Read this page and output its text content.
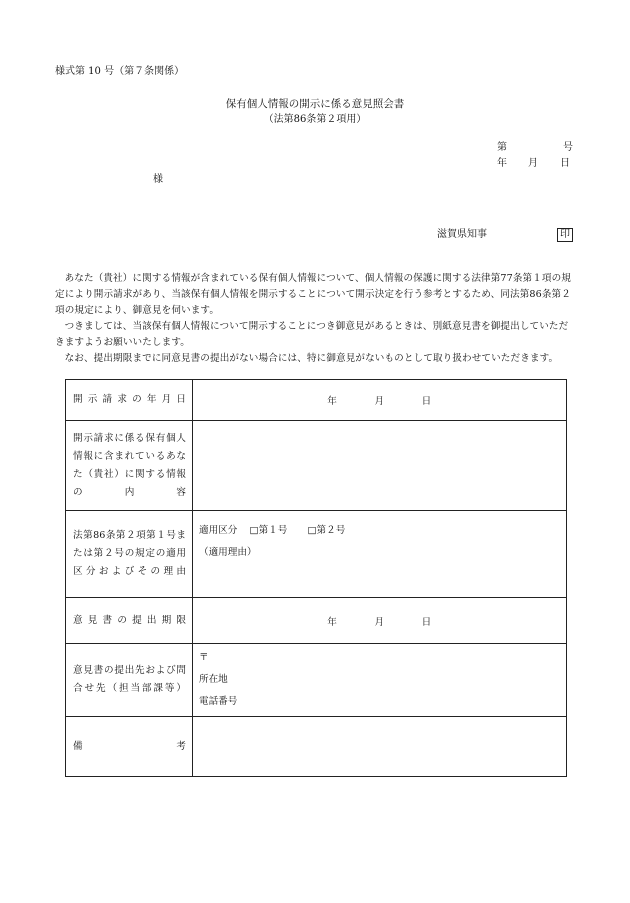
様式第 10 号（第７条関係）
保有個人情報の開示に係る意見照会書
（法第86条第２項用）
第	号
年 月 日
様
滋賀県知事	印

あなた（貴社）に関する情報が含まれている保有個人情報について、個人情報の保護に関する法律第77条第１項の規定により開示請求があり、当該保有個人情報を開示することについて開示決定を行う参考とするため、同法第86条第２項の規定により、御意見を伺います。

つきましては、当該保有個人情報について開示することにつき御意見があるときは、別紙意見書を御提出していただきますようお願いいたします。

なお、提出期限までに同意見書の提出がない場合には、特に御意見がないものとして取り扱わせていただきます。

開示請求の年月日	年 月 日
開示請求に係る保有個人情報に含まれているあなた（貴社）に関する情報の内容	
法第86条第２項第１号または第２号の規定の適用区分およびその理由	適用区分 □第１号 □第２号
（適用理由）

意見書の提出期限	年 月 日
意見書の提出先および問合せ先（担当部課等）	〒
所在地
電話番号

備 考	
